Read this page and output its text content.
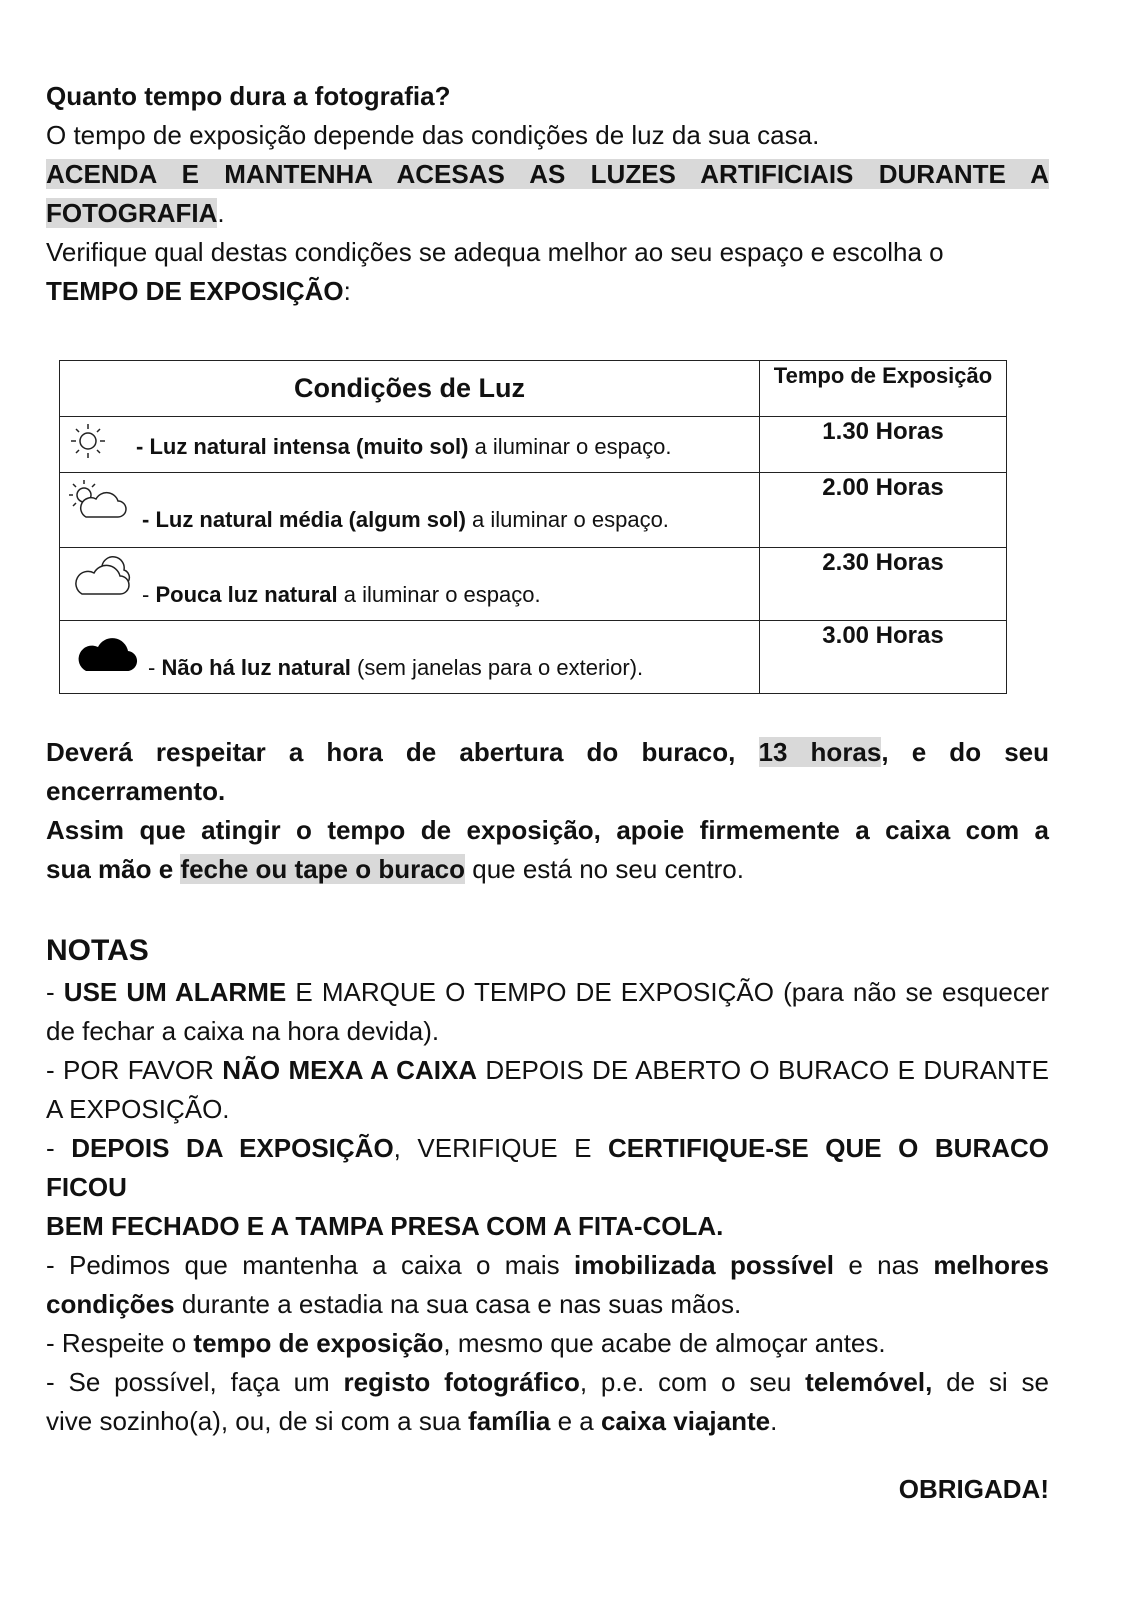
Quanto tempo dura a fotografia?

O tempo de exposição depende das condições de luz da sua casa.

ACENDA E MANTENHA ACESAS AS LUZES ARTIFICIAIS DURANTE A

FOTOGRAFIA.

Verifique qual destas condições se adequa melhor ao seu espaço e escolha o

TEMPO DE EXPOSIÇÃO:

Condições de Luz	Tempo de Exposição

- Luz natural intensa (muito sol) a iluminar o espaço.	1.30 Horas

- Luz natural média (algum sol) a iluminar o espaço.	2.00 Horas

- Pouca luz natural a iluminar o espaço.	2.30 Horas

- Não há luz natural (sem janelas para o exterior).	3.00 Horas

Deverá respeitar a hora de abertura do buraco, 13 horas, e do seu

encerramento.

Assim que atingir o tempo de exposição, apoie firmemente a caixa com a

sua mão e feche ou tape o buraco que está no seu centro.

NOTAS

- USE UM ALARME E MARQUE O TEMPO DE EXPOSIÇÃO (para não se esquecer

de fechar a caixa na hora devida).

- POR FAVOR NÃO MEXA A CAIXA DEPOIS DE ABERTO O BURACO E DURANTE

A EXPOSIÇÃO.

- DEPOIS DA EXPOSIÇÃO, VERIFIQUE E CERTIFIQUE-SE QUE O BURACO FICOU

BEM FECHADO E A TAMPA PRESA COM A FITA-COLA.

- Pedimos que mantenha a caixa o mais imobilizada possível e nas melhores

condições durante a estadia na sua casa e nas suas mãos.

- Respeite o tempo de exposição, mesmo que acabe de almoçar antes.

- Se possível, faça um registo fotográfico, p.e. com o seu telemóvel, de si se

vive sozinho(a), ou, de si com a sua família e a caixa viajante.

OBRIGADA!
